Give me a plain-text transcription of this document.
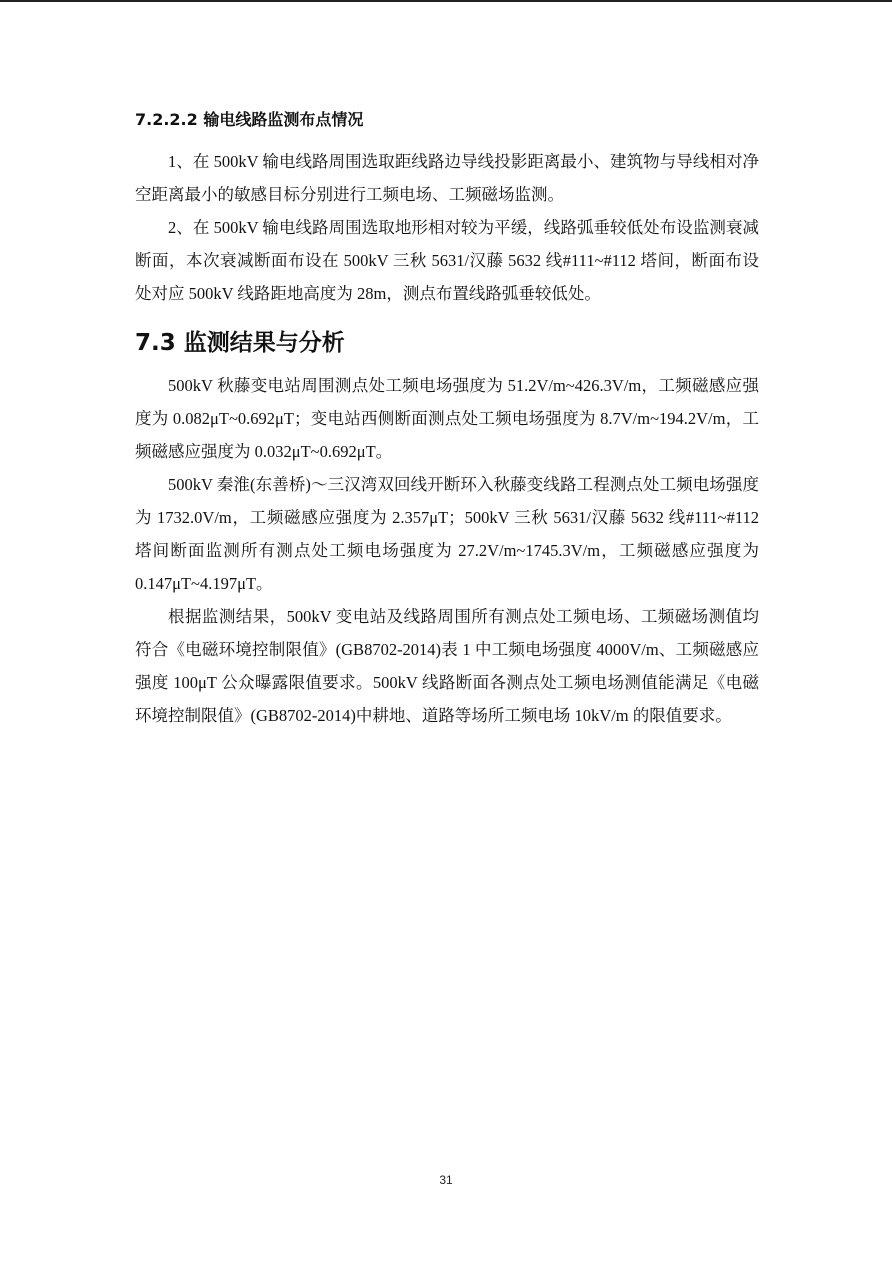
7.2.2.2 输电线路监测布点情况

1、在 500kV 输电线路周围选取距线路边导线投影距离最小、建筑物与导线相对净空距离最小的敏感目标分别进行工频电场、工频磁场监测。

2、在 500kV 输电线路周围选取地形相对较为平缓，线路弧垂较低处布设监测衰减断面，本次衰减断面布设在 500kV 三秋 5631/汉藤 5632 线#111~#112 塔间，断面布设处对应 500kV 线路距地高度为 28m，测点布置线路弧垂较低处。

7.3 监测结果与分析

500kV 秋藤变电站周围测点处工频电场强度为 51.2V/m~426.3V/m，工频磁感应强度为 0.082μT~0.692μT；变电站西侧断面测点处工频电场强度为 8.7V/m~194.2V/m，工频磁感应强度为 0.032μT~0.692μT。

500kV 秦淮(东善桥)～三汉湾双回线开断环入秋藤变线路工程测点处工频电场强度为 1732.0V/m，工频磁感应强度为 2.357μT；500kV 三秋 5631/汉藤 5632 线#111~#112 塔间断面监测所有测点处工频电场强度为 27.2V/m~1745.3V/m，工频磁感应强度为 0.147μT~4.197μT。

根据监测结果，500kV 变电站及线路周围所有测点处工频电场、工频磁场测值均符合《电磁环境控制限值》(GB8702-2014)表 1 中工频电场强度 4000V/m、工频磁感应强度 100μT 公众曝露限值要求。500kV 线路断面各测点处工频电场测值能满足《电磁环境控制限值》(GB8702-2014)中耕地、道路等场所工频电场 10kV/m 的限值要求。

31
